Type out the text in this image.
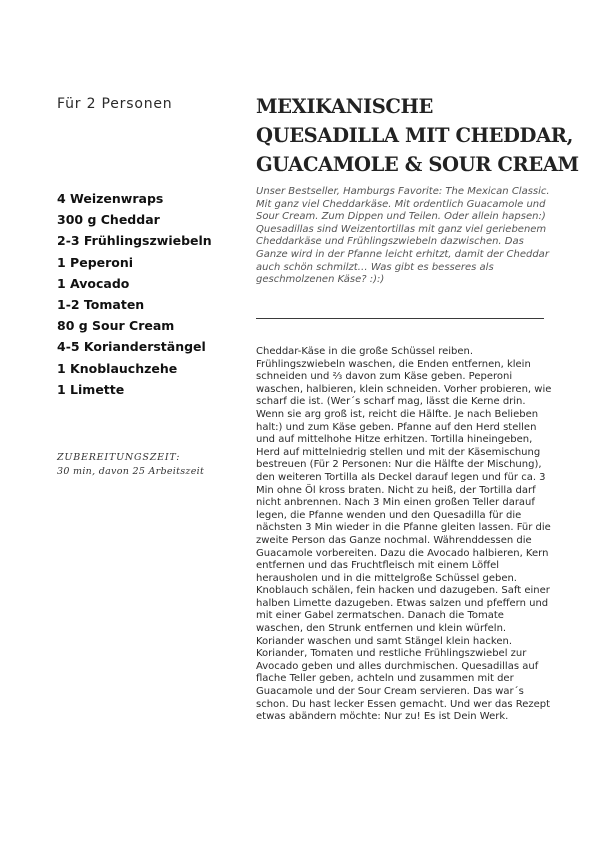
Für 2 Personen	MEXIKANISCHE
QUESADILLA MIT CHEDDAR,
GUACAMOLE & SOUR CREAM
4 Weizenwraps
300 g Cheddar
2-3 Frühlingszwiebeln
1 Peperoni
1 Avocado
1-2 Tomaten
80 g Sour Cream
4-5 Korianderstängel
1 Knoblauchzehe
1 Limette
ZUBEREITUNGSZEIT:
30 min, davon 25 Arbeitszeit

Unser Bestseller, Hamburgs Favorite: The Mexican Classic. Mit ganz viel Cheddarkäse. Mit ordentlich Guacamole und Sour Cream. Zum Dippen und Teilen. Oder allein hapsen:) Quesadillas sind Weizentortillas mit ganz viel geriebenem Cheddarkäse und Frühlingszwiebeln dazwischen. Das Ganze wird in der Pfanne leicht erhitzt, damit der Cheddar auch schön schmilzt… Was gibt es besseres als geschmolzenen Käse? :):)

Cheddar-Käse in die große Schüssel reiben. Frühlingszwiebeln waschen, die Enden entfernen, klein schneiden und ⅔ davon zum Käse geben. Peperoni waschen, halbieren, klein schneiden. Vorher probieren, wie scharf die ist. (Wer´s scharf mag, lässt die Kerne drin. Wenn sie arg groß ist, reicht die Hälfte. Je nach Belieben halt:) und zum Käse geben. Pfanne auf den Herd stellen und auf mittelhohe Hitze erhitzen. Tortilla hineingeben, Herd auf mittelniedrig stellen und mit der Käsemischung bestreuen (Für 2 Personen: Nur die Hälfte der Mischung), den weiteren Tortilla als Deckel darauf legen und für ca. 3 Min ohne Öl kross braten. Nicht zu heiß, der Tortilla darf nicht anbrennen. Nach 3 Min einen großen Teller darauf legen, die Pfanne wenden und den Quesadilla für die nächsten 3 Min wieder in die Pfanne gleiten lassen. Für die zweite Person das Ganze nochmal. Währenddessen die Guacamole vorbereiten. Dazu die Avocado halbieren, Kern entfernen und das Fruchtfleisch mit einem Löffel herausholen und in die mittelgroße Schüssel geben. Knoblauch schälen, fein hacken und dazugeben. Saft einer halben Limette dazugeben. Etwas salzen und pfeffern und mit einer Gabel zermatschen. Danach die Tomate waschen, den Strunk entfernen und klein würfeln. Koriander waschen und samt Stängel klein hacken. Koriander, Tomaten und restliche Frühlingszwiebel zur Avocado geben und alles durchmischen. Quesadillas auf flache Teller geben, achteln und zusammen mit der Guacamole und der Sour Cream servieren. Das war´s schon. Du hast lecker Essen gemacht. Und wer das Rezept etwas abändern möchte: Nur zu! Es ist Dein Werk.
